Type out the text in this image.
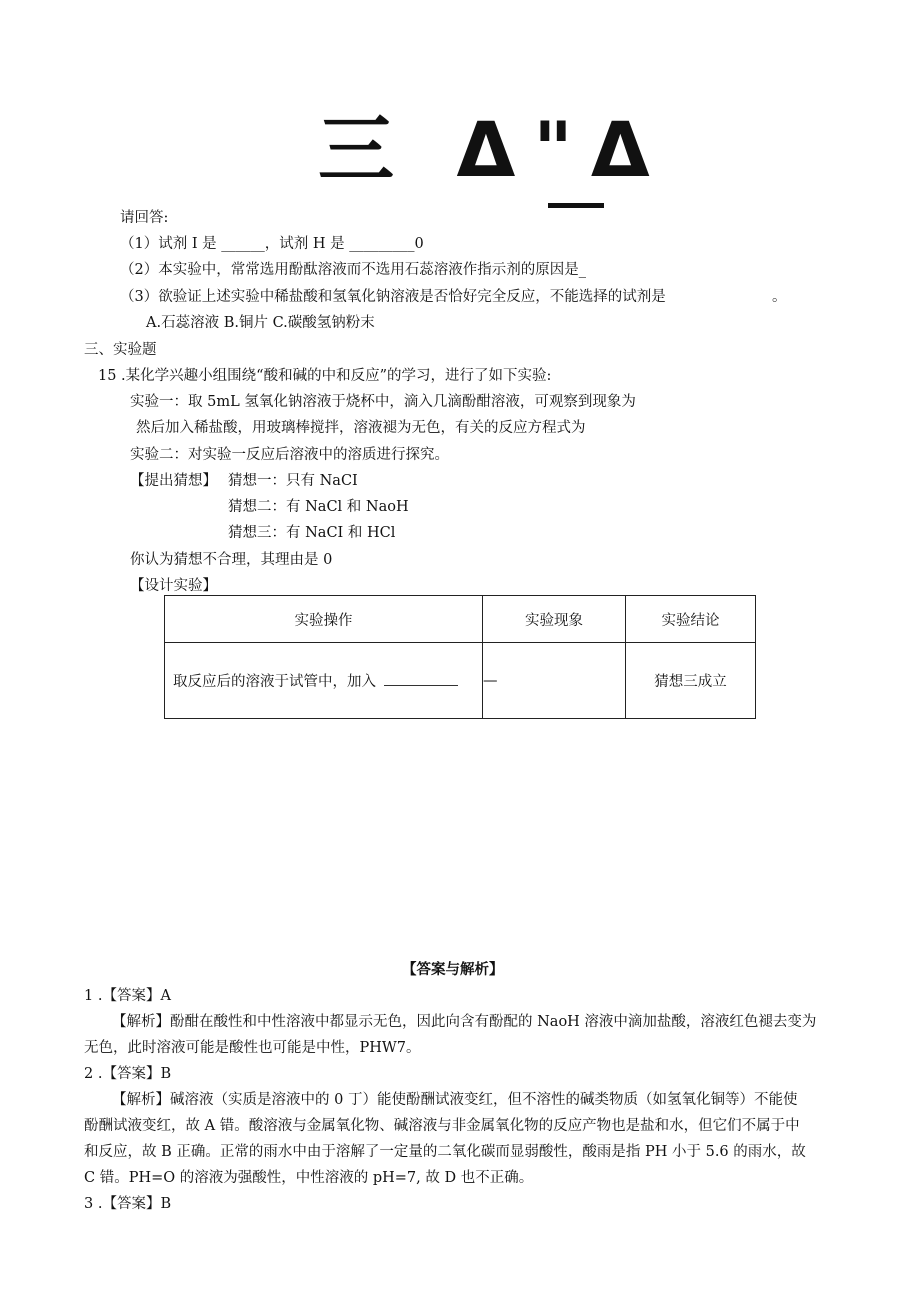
三 Δ"Δ
请回答:
（1）试剂 I 是 ______，试剂 H 是 _________0
（2）本实验中，常常选用酚酞溶液而不选用石蕊溶液作指示剂的原因是_
（3）欲验证上述实验中稀盐酸和氢氧化钠溶液是否恰好完全反应，不能选择的试剂是	。
A.石蕊溶液 B.铜片 C.碳酸氢钠粉末
三、实验题
15 .某化学兴趣小组围绕“酸和碱的中和反应”的学习，进行了如下实验:
实验一：取 5mL 氢氧化钠溶液于烧杯中，滴入几滴酚酣溶液，可观察到现象为
然后加入稀盐酸，用玻璃棒搅拌，溶液褪为无色，有关的反应方程式为
实验二：对实验一反应后溶液中的溶质进行探究。
【提出猜想】 猜想一：只有 NaCI
猜想二：有 NaCl 和 NaoH
猜想三：有 NaCI 和 HCl
你认为猜想不合理，其理由是 0
【设计实验】
实验操作	实验现象	实验结论
取反应后的溶液于试管中，加入	—	猜想三成立
【答案与解析】
1 .【答案】A
【解析】酚酣在酸性和中性溶液中都显示无色，因此向含有酚配的 NaoH 溶液中滴加盐酸，溶液红色褪去变为
无色，此时溶液可能是酸性也可能是中性，PHW7。
2 .【答案】B
【解析】碱溶液（实质是溶液中的 0 丁）能使酚酬试液变红，但不溶性的碱类物质（如氢氧化铜等）不能使
酚酬试液变红，故 A 错。酸溶液与金属氧化物、碱溶液与非金属氧化物的反应产物也是盐和水，但它们不属于中
和反应，故 B 正确。正常的雨水中由于溶解了一定量的二氧化碳而显弱酸性，酸雨是指 PH 小于 5.6 的雨水，故
C 错。PH=O 的溶液为强酸性，中性溶液的 pH=7, 故 D 也不正确。
3 .【答案】B
